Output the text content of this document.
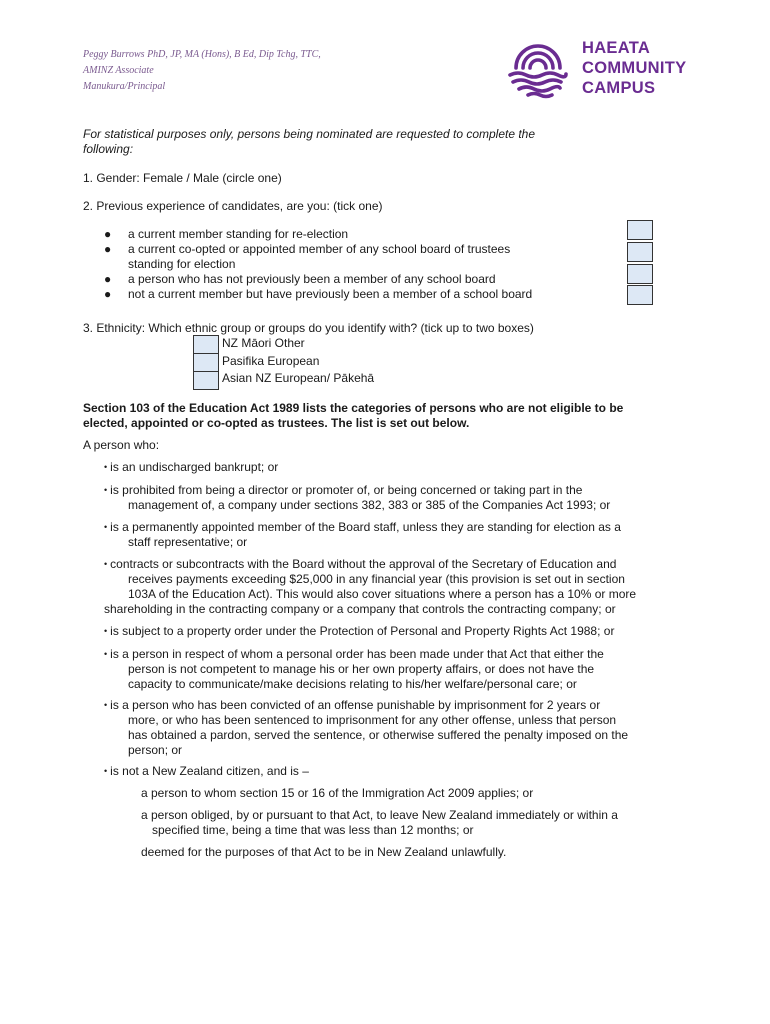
Peggy Burrows PhD, JP, MA (Hons), B Ed, Dip Tchg, TTC,
AMINZ Associate
Manukura/Principal
HAEATA
COMMUNITY
CAMPUS
For statistical purposes only, persons being nominated are requested to complete the
following:
1. Gender: Female / Male (circle one)
2. Previous experience of candidates, are you: (tick one)
● a current member standing for re-election
● a current co-opted or appointed member of any school board of trustees
standing for election
● a person who has not previously been a member of any school board
● not a current member but have previously been a member of a school board
3. Ethnicity: Which ethnic group or groups do you identify with? (tick up to two boxes)
NZ Māori Other
Pasifika European
Asian NZ European/ Pākehā
Section 103 of the Education Act 1989 lists the categories of persons who are not eligible to be
elected, appointed or co-opted as trustees. The list is set out below.
A person who:
• is an undischarged bankrupt; or
• is prohibited from being a director or promoter of, or being concerned or taking part in the
management of, a company under sections 382, 383 or 385 of the Companies Act 1993; or
• is a permanently appointed member of the Board staff, unless they are standing for election as a
staff representative; or
• contracts or subcontracts with the Board without the approval of the Secretary of Education and
receives payments exceeding $25,000 in any financial year (this provision is set out in section
103A of the Education Act). This would also cover situations where a person has a 10% or more
shareholding in the contracting company or a company that controls the contracting company; or
• is subject to a property order under the Protection of Personal and Property Rights Act 1988; or
• is a person in respect of whom a personal order has been made under that Act that either the
person is not competent to manage his or her own property affairs, or does not have the
capacity to communicate/make decisions relating to his/her welfare/personal care; or
• is a person who has been convicted of an offense punishable by imprisonment for 2 years or
more, or who has been sentenced to imprisonment for any other offense, unless that person
has obtained a pardon, served the sentence, or otherwise suffered the penalty imposed on the
person; or
• is not a New Zealand citizen, and is –
a person to whom section 15 or 16 of the Immigration Act 2009 applies; or
a person obliged, by or pursuant to that Act, to leave New Zealand immediately or within a
specified time, being a time that was less than 12 months; or
deemed for the purposes of that Act to be in New Zealand unlawfully.
